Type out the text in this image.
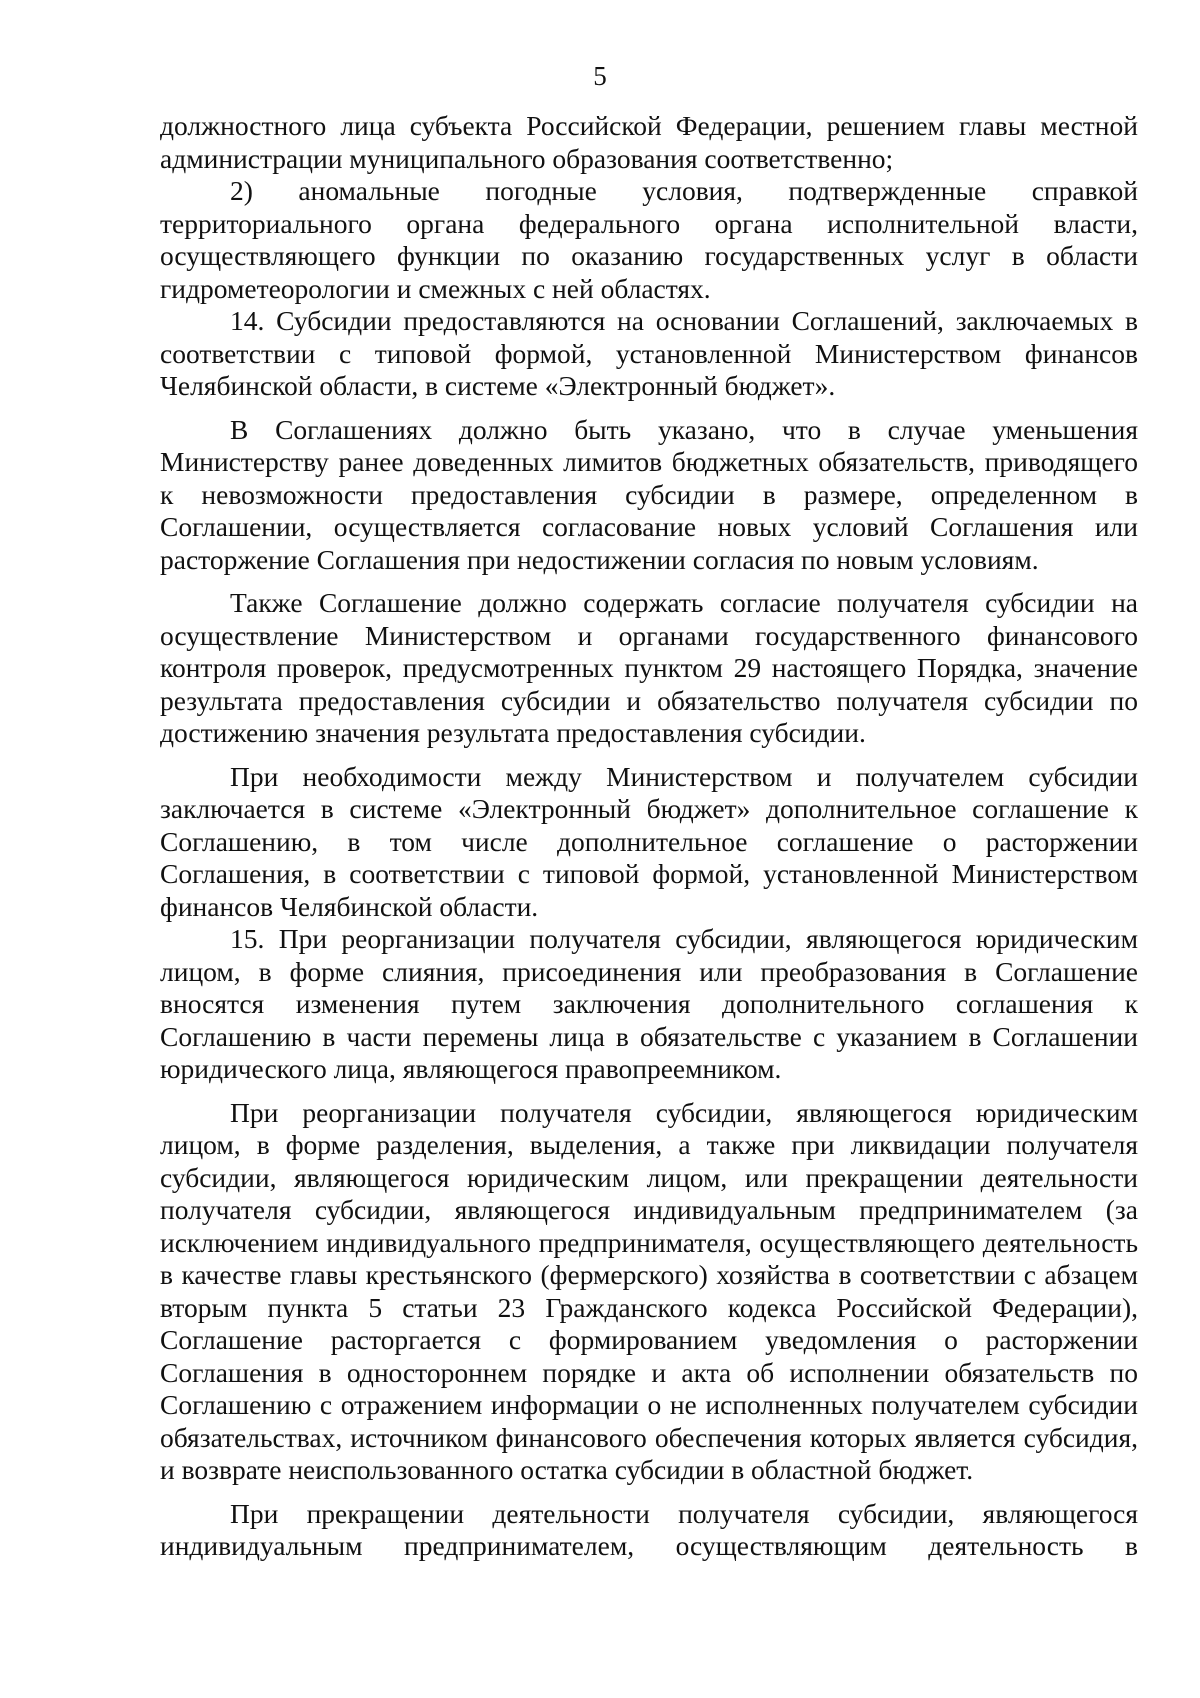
5

должностного лица субъекта Российской Федерации, решением главы местной администрации муниципального образования соответственно;

2) аномальные погодные условия, подтвержденные справкой территориального органа федерального органа исполнительной власти, осуществляющего функции по оказанию государственных услуг в области гидрометеорологии и смежных с ней областях.

14. Субсидии предоставляются на основании Соглашений, заключаемых в соответствии с типовой формой, установленной Министерством финансов Челябинской области, в системе «Электронный бюджет».

В Соглашениях должно быть указано, что в случае уменьшения Министерству ранее доведенных лимитов бюджетных обязательств, приводящего к невозможности предоставления субсидии в размере, определенном в Соглашении, осуществляется согласование новых условий Соглашения или расторжение Соглашения при недостижении согласия по новым условиям.

Также Соглашение должно содержать согласие получателя субсидии на осуществление Министерством и органами государственного финансового контроля проверок, предусмотренных пунктом 29 настоящего Порядка, значение результата предоставления субсидии и обязательство получателя субсидии по достижению значения результата предоставления субсидии.

При необходимости между Министерством и получателем субсидии заключается в системе «Электронный бюджет» дополнительное соглашение к Соглашению, в том числе дополнительное соглашение о расторжении Соглашения, в соответствии с типовой формой, установленной Министерством финансов Челябинской области.

15. При реорганизации получателя субсидии, являющегося юридическим лицом, в форме слияния, присоединения или преобразования в Соглашение вносятся изменения путем заключения дополнительного соглашения к Соглашению в части перемены лица в обязательстве с указанием в Соглашении юридического лица, являющегося правопреемником.

При реорганизации получателя субсидии, являющегося юридическим лицом, в форме разделения, выделения, а также при ликвидации получателя субсидии, являющегося юридическим лицом, или прекращении деятельности получателя субсидии, являющегося индивидуальным предпринимателем (за исключением индивидуального предпринимателя, осуществляющего деятельность в качестве главы крестьянского (фермерского) хозяйства в соответствии с абзацем вторым пункта 5 статьи 23 Гражданского кодекса Российской Федерации), Соглашение расторгается с формированием уведомления о расторжении Соглашения в одностороннем порядке и акта об исполнении обязательств по Соглашению с отражением информации о не исполненных получателем субсидии обязательствах, источником финансового обеспечения которых является субсидия, и возврате неиспользованного остатка субсидии в областной бюджет.

При прекращении деятельности получателя субсидии, являющегося индивидуальным предпринимателем, осуществляющим деятельность в
